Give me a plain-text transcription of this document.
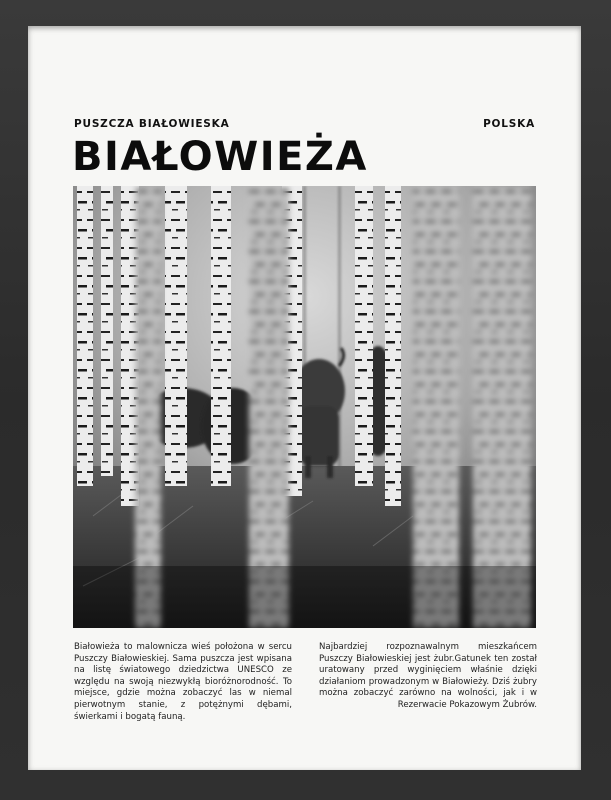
PUSZCZA BIAŁOWIESKA	POLSKA
BIAŁOWIEŻA
Białowieża to malownicza wieś położona w sercu Puszczy Białowieskiej. Sama puszcza jest wpisana na listę światowego dziedzictwa UNESCO ze względu na swoją niezwykłą bioróżnorodność. To miejsce, gdzie można zobaczyć las w niemal pierwotnym stanie, z potężnymi dębami, świerkami i bogatą fauną.
Najbardziej rozpoznawalnym mieszkańcem Puszczy Białowieskiej jest żubr.Gatunek ten został uratowany przed wyginięciem właśnie dzięki działaniom prowadzonym w Białowieży. Dziś żubry można zobaczyć zarówno na wolności, jak i w Rezerwacie Pokazowym Żubrów.
